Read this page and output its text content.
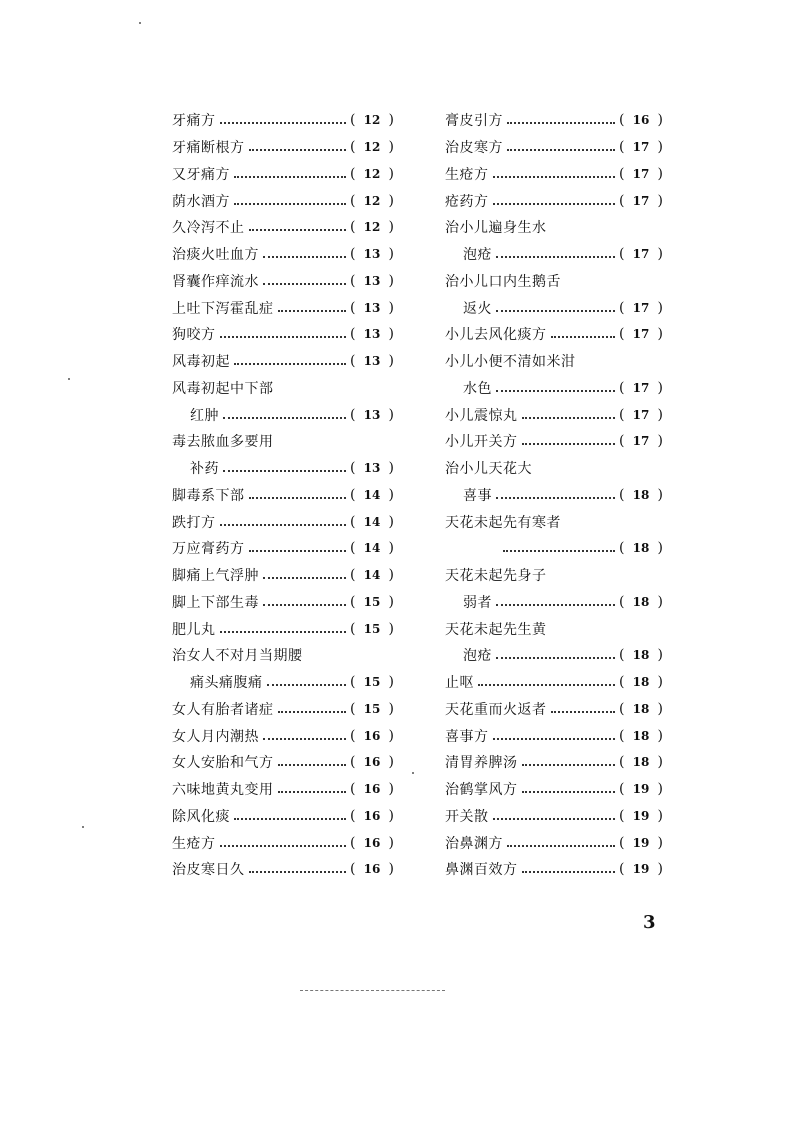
牙痛方	( 12 )
牙痛断根方	( 12 )
又牙痛方	( 12 )
荫水酒方	( 12 )
久冷泻不止	( 12 )
治痰火吐血方	( 13 )
肾囊作痒流水	( 13 )
上吐下泻霍乱症	( 13 )
狗咬方	( 13 )
风毒初起	( 13 )
风毒初起中下部
红肿	( 13 )
毒去脓血多要用
补药	( 13 )
脚毒系下部	( 14 )
跌打方	( 14 )
万应膏药方	( 14 )
脚痛上气浮肿	( 14 )
脚上下部生毒	( 15 )
肥儿丸	( 15 )
治女人不对月当期腰
痛头痛腹痛	( 15 )
女人有胎者诸症	( 15 )
女人月内潮热	( 16 )
女人安胎和气方	( 16 )
六味地黄丸变用	( 16 )
除风化痰	( 16 )
生疮方	( 16 )
治皮寒日久	( 16 )
膏皮引方	( 16 )
治皮寒方	( 17 )
生疮方	( 17 )
疮药方	( 17 )
治小儿遍身生水
泡疮	( 17 )
治小儿口内生鹅舌
返火	( 17 )
小儿去风化痰方	( 17 )
小儿小便不清如米泔
水色	( 17 )
小儿震惊丸	( 17 )
小儿开关方	( 17 )
治小儿天花大
喜事	( 18 )
天花未起先有寒者
( 18 )
天花未起先身子
弱者	( 18 )
天花未起先生黄
泡疮	( 18 )
止呕	( 18 )
天花重而火返者	( 18 )
喜事方	( 18 )
清胃养脾汤	( 18 )
治鹤掌风方	( 19 )
开关散	( 19 )
治鼻渊方	( 19 )
鼻渊百效方	( 19 )
3
